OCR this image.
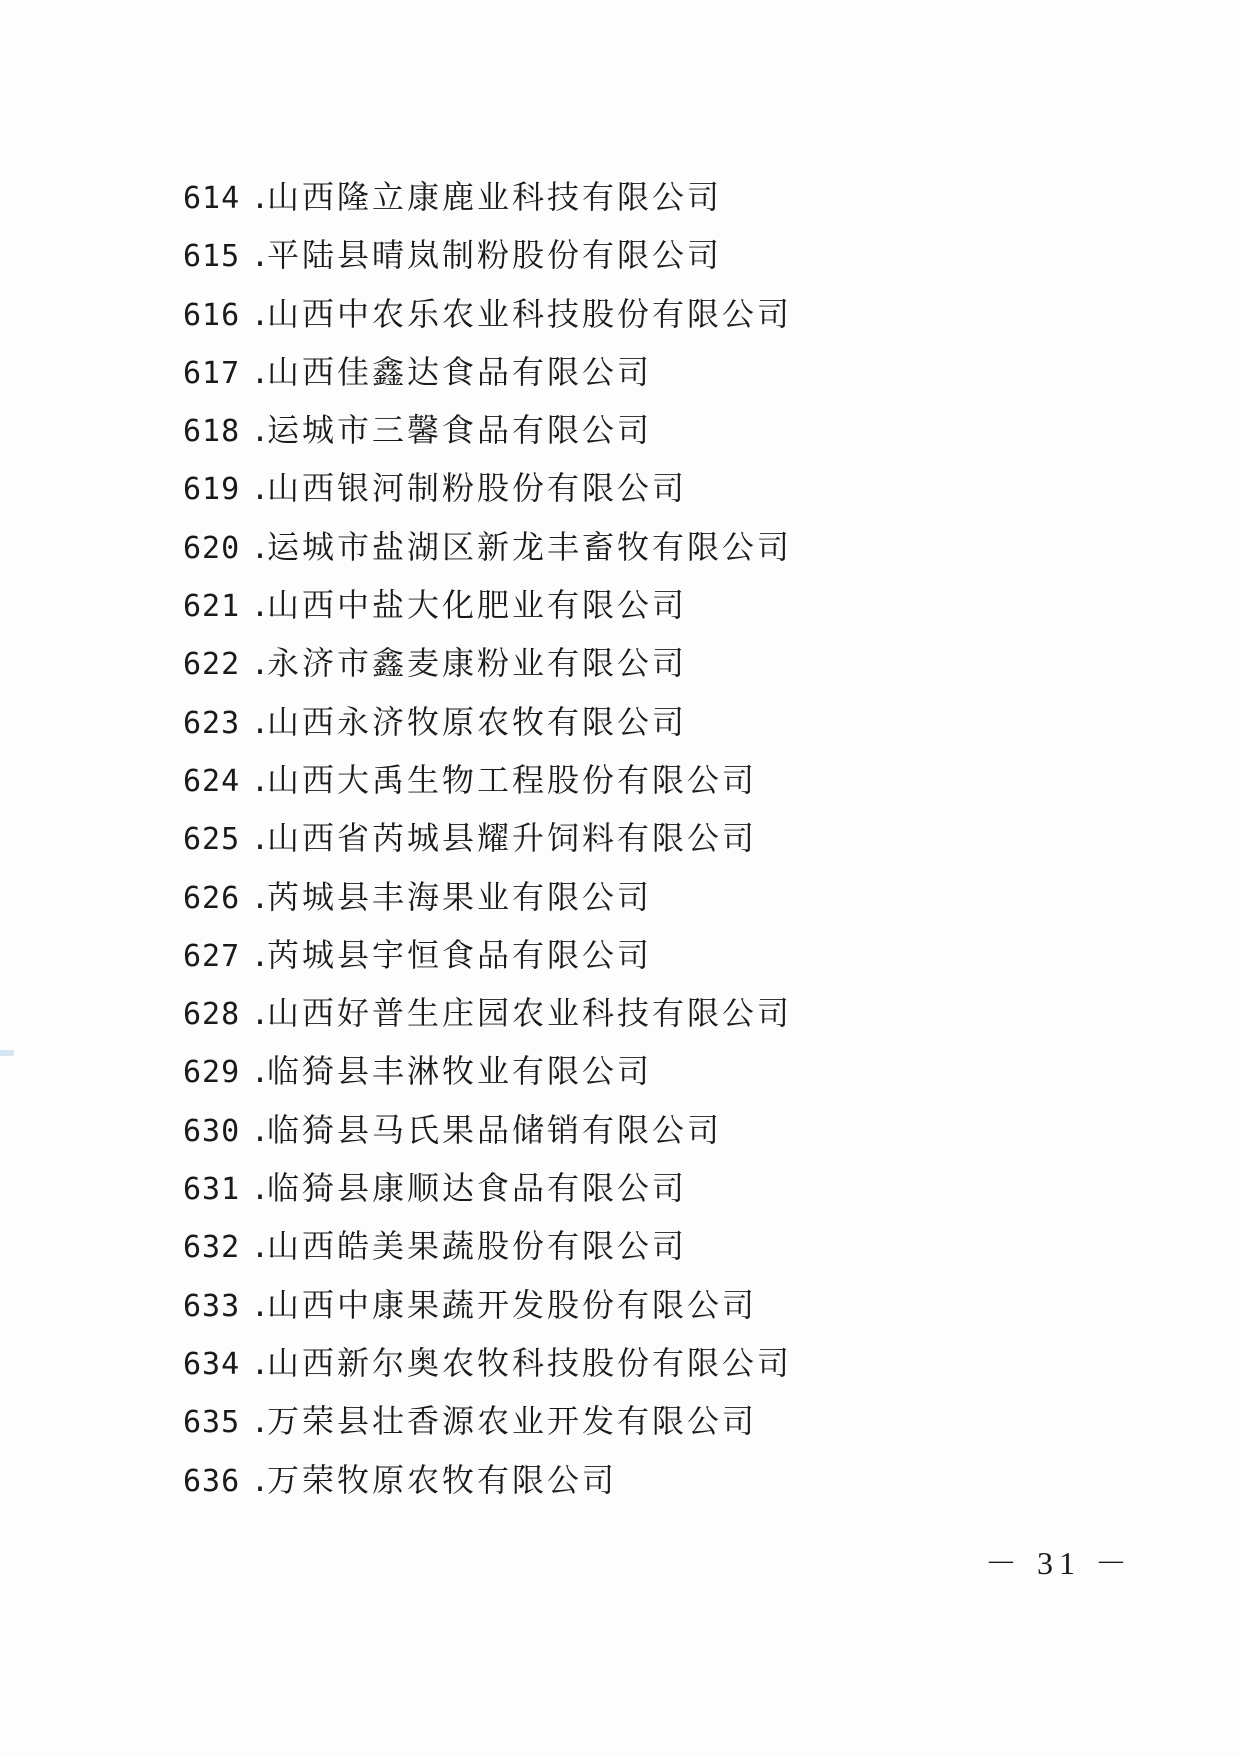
614 .山西隆立康鹿业科技有限公司
615 .平陆县晴岚制粉股份有限公司
616 .山西中农乐农业科技股份有限公司
617 .山西佳鑫达食品有限公司
618 .运城市三馨食品有限公司
619 .山西银河制粉股份有限公司
620 .运城市盐湖区新龙丰畜牧有限公司
621 .山西中盐大化肥业有限公司
622 .永济市鑫麦康粉业有限公司
623 .山西永济牧原农牧有限公司
624 .山西大禹生物工程股份有限公司
625 .山西省芮城县耀升饲料有限公司
626 .芮城县丰海果业有限公司
627 .芮城县宇恒食品有限公司
628 .山西好普生庄园农业科技有限公司
629 .临猗县丰淋牧业有限公司
630 .临猗县马氏果品储销有限公司
631 .临猗县康顺达食品有限公司
632 .山西皓美果蔬股份有限公司
633 .山西中康果蔬开发股份有限公司
634 .山西新尔奥农牧科技股份有限公司
635 .万荣县壮香源农业开发有限公司
636 .万荣牧原农牧有限公司
－ 31 －
